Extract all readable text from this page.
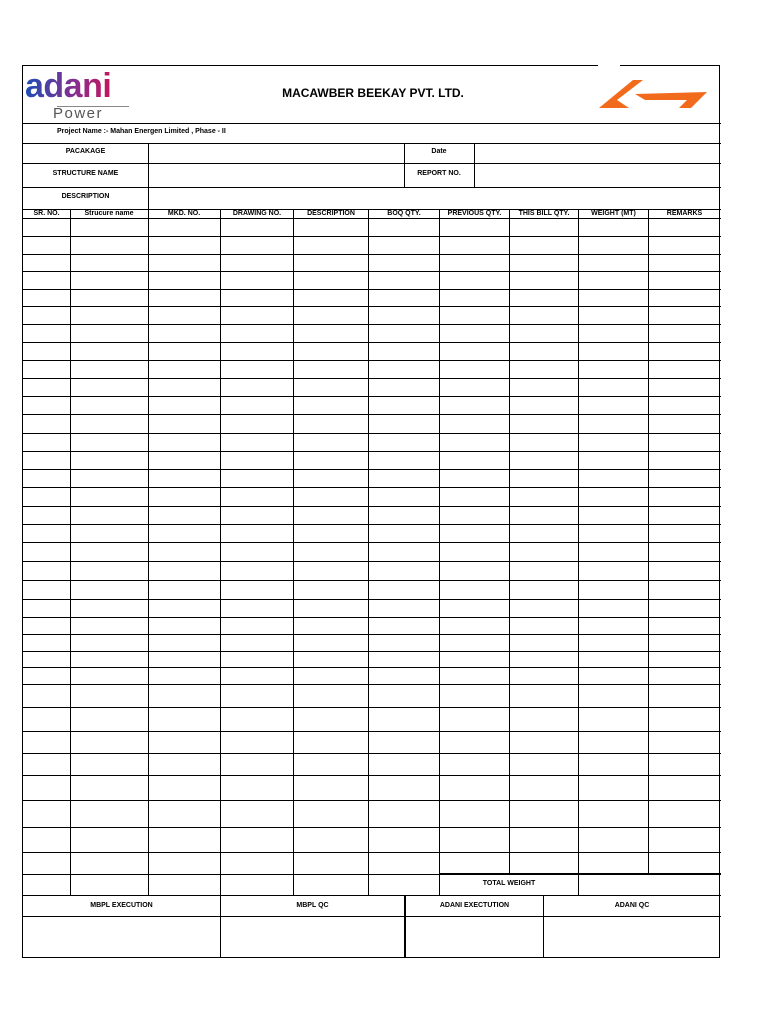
adani
Power
MACAWBER BEEKAY PVT. LTD.
Project Name :- Mahan Energen Limited , Phase - II
PACAKAGE	Date
STRUCTURE NAME	REPORT NO.
DESCRIPTION
SR. NO.	Strucure name	MKD. NO.	DRAWING NO.	DESCRIPTION	BOQ QTY.	PREVIOUS QTY.	THIS BILL QTY.	WEIGHT (MT)	REMARKS
TOTAL WEIGHT
MBPL EXECUTION	MBPL QC	ADANI EXECTUTION	ADANI QC
